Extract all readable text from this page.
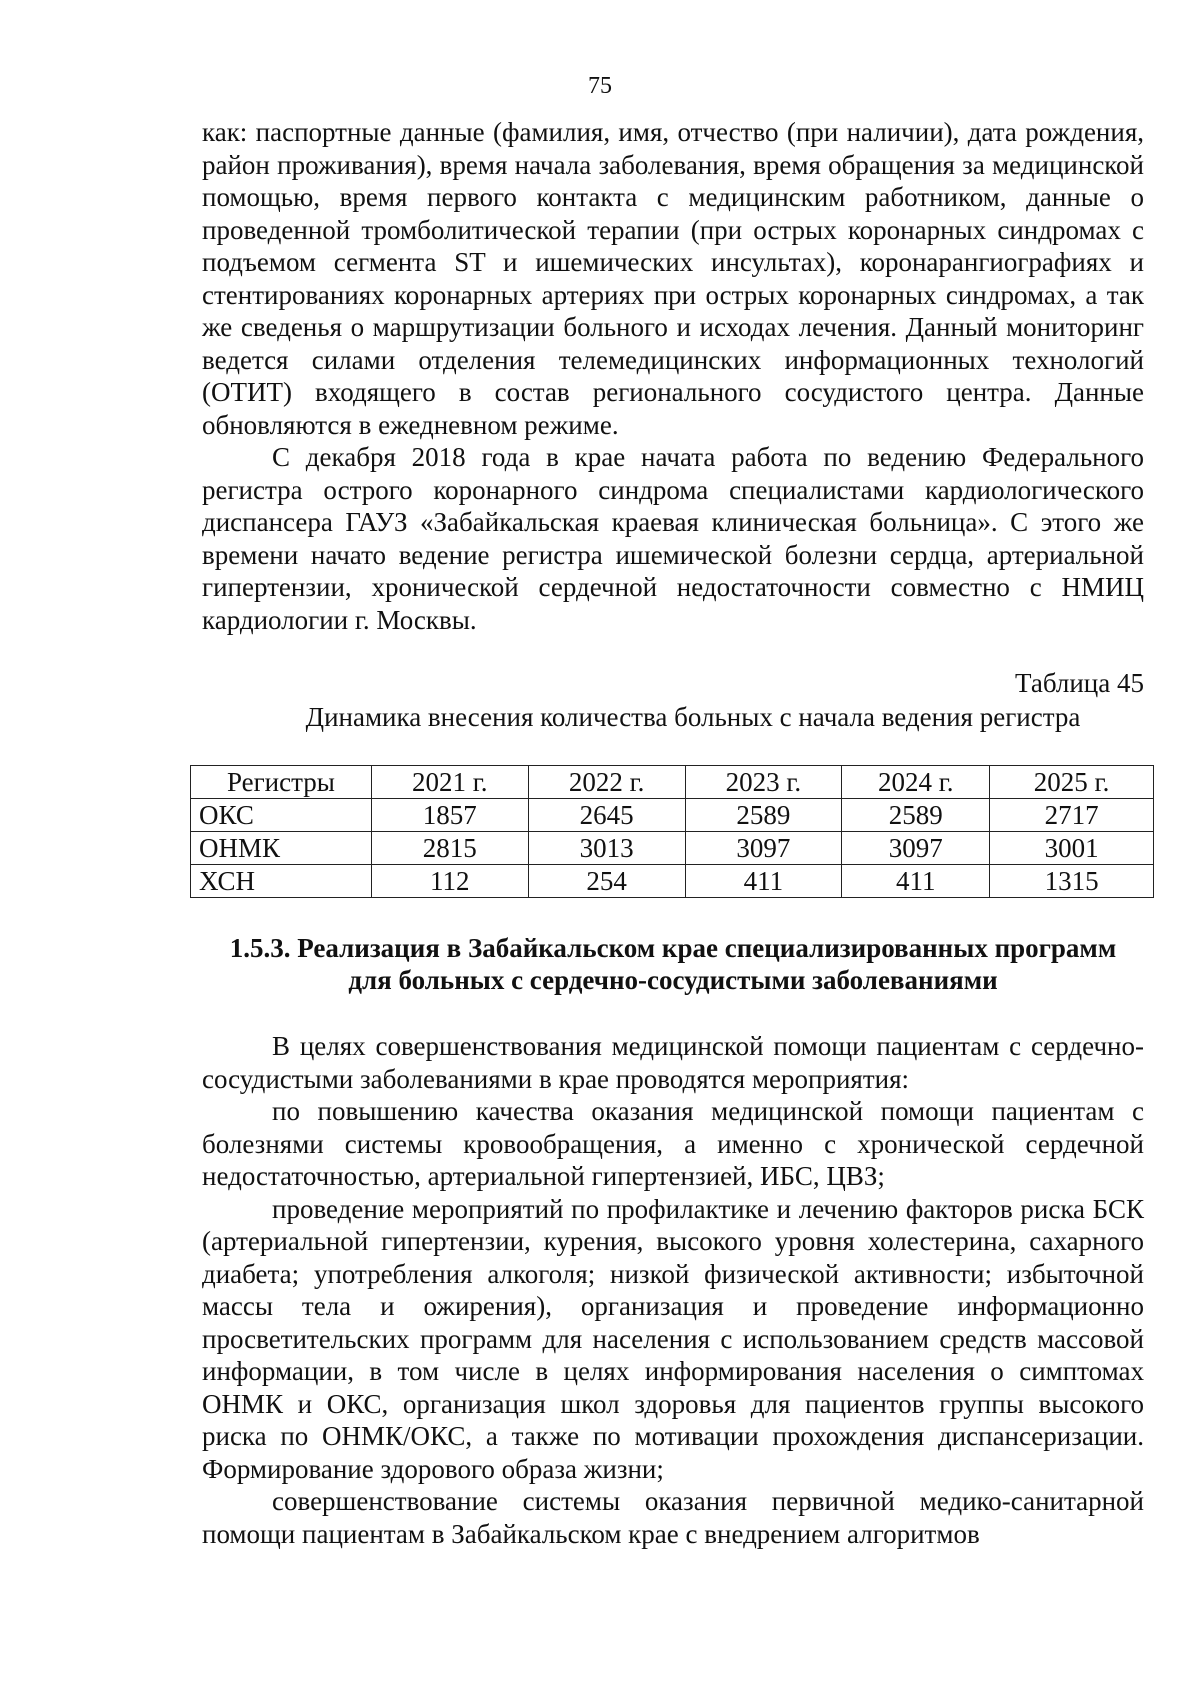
75

как: паспортные данные (фамилия, имя, отчество (при наличии), дата рождения, район проживания), время начала заболевания, время обращения за медицинской помощью, время первого контакта с медицинским работником, данные о проведенной тромболитической терапии (при острых коронарных синдромах с подъемом сегмента ST и ишемических инсультах), коронарангиографиях и стентированиях коронарных артериях при острых коронарных синдромах, а так же сведенья о маршрутизации больного и исходах лечения. Данный мониторинг ведется силами отделения телемедицинских информационных технологий (ОТИТ) входящего в состав регионального сосудистого центра. Данные обновляются в ежедневном режиме.

С декабря 2018 года в крае начата работа по ведению Федерального регистра острого коронарного синдрома специалистами кардиологического диспансера ГАУЗ «Забайкальская краевая клиническая больница». С этого же времени начато ведение регистра ишемической болезни сердца, артериальной гипертензии, хронической сердечной недостаточности совместно с НМИЦ кардиологии г. Москвы.

Таблица 45
Динамика внесения количества больных с начала ведения регистра
Регистры	2021 г.	2022 г.	2023 г.	2024 г.	2025 г.
ОКС	1857	2645	2589	2589	2717
ОНМК	2815	3013	3097	3097	3001
ХСН	112	254	411	411	1315
1.5.3. Реализация в Забайкальском крае специализированных программ
для больных с сердечно-сосудистыми заболеваниями

В целях совершенствования медицинской помощи пациентам с сердечно-сосудистыми заболеваниями в крае проводятся мероприятия:

по повышению качества оказания медицинской помощи пациентам с болезнями системы кровообращения, а именно с хронической сердечной недостаточностью, артериальной гипертензией, ИБС, ЦВЗ;

проведение мероприятий по профилактике и лечению факторов риска БСК (артериальной гипертензии, курения, высокого уровня холестерина, сахарного диабета; употребления алкоголя; низкой физической активности; избыточной массы тела и ожирения), организация и проведение информационно просветительских программ для населения с использованием средств массовой информации, в том числе в целях информирования населения о симптомах ОНМК и ОКС, организация школ здоровья для пациентов группы высокого риска по ОНМК/ОКС, а также по мотивации прохождения диспансеризации. Формирование здорового образа жизни;

совершенствование системы оказания первичной медико-санитарной помощи пациентам в Забайкальском крае с внедрением алгоритмов
